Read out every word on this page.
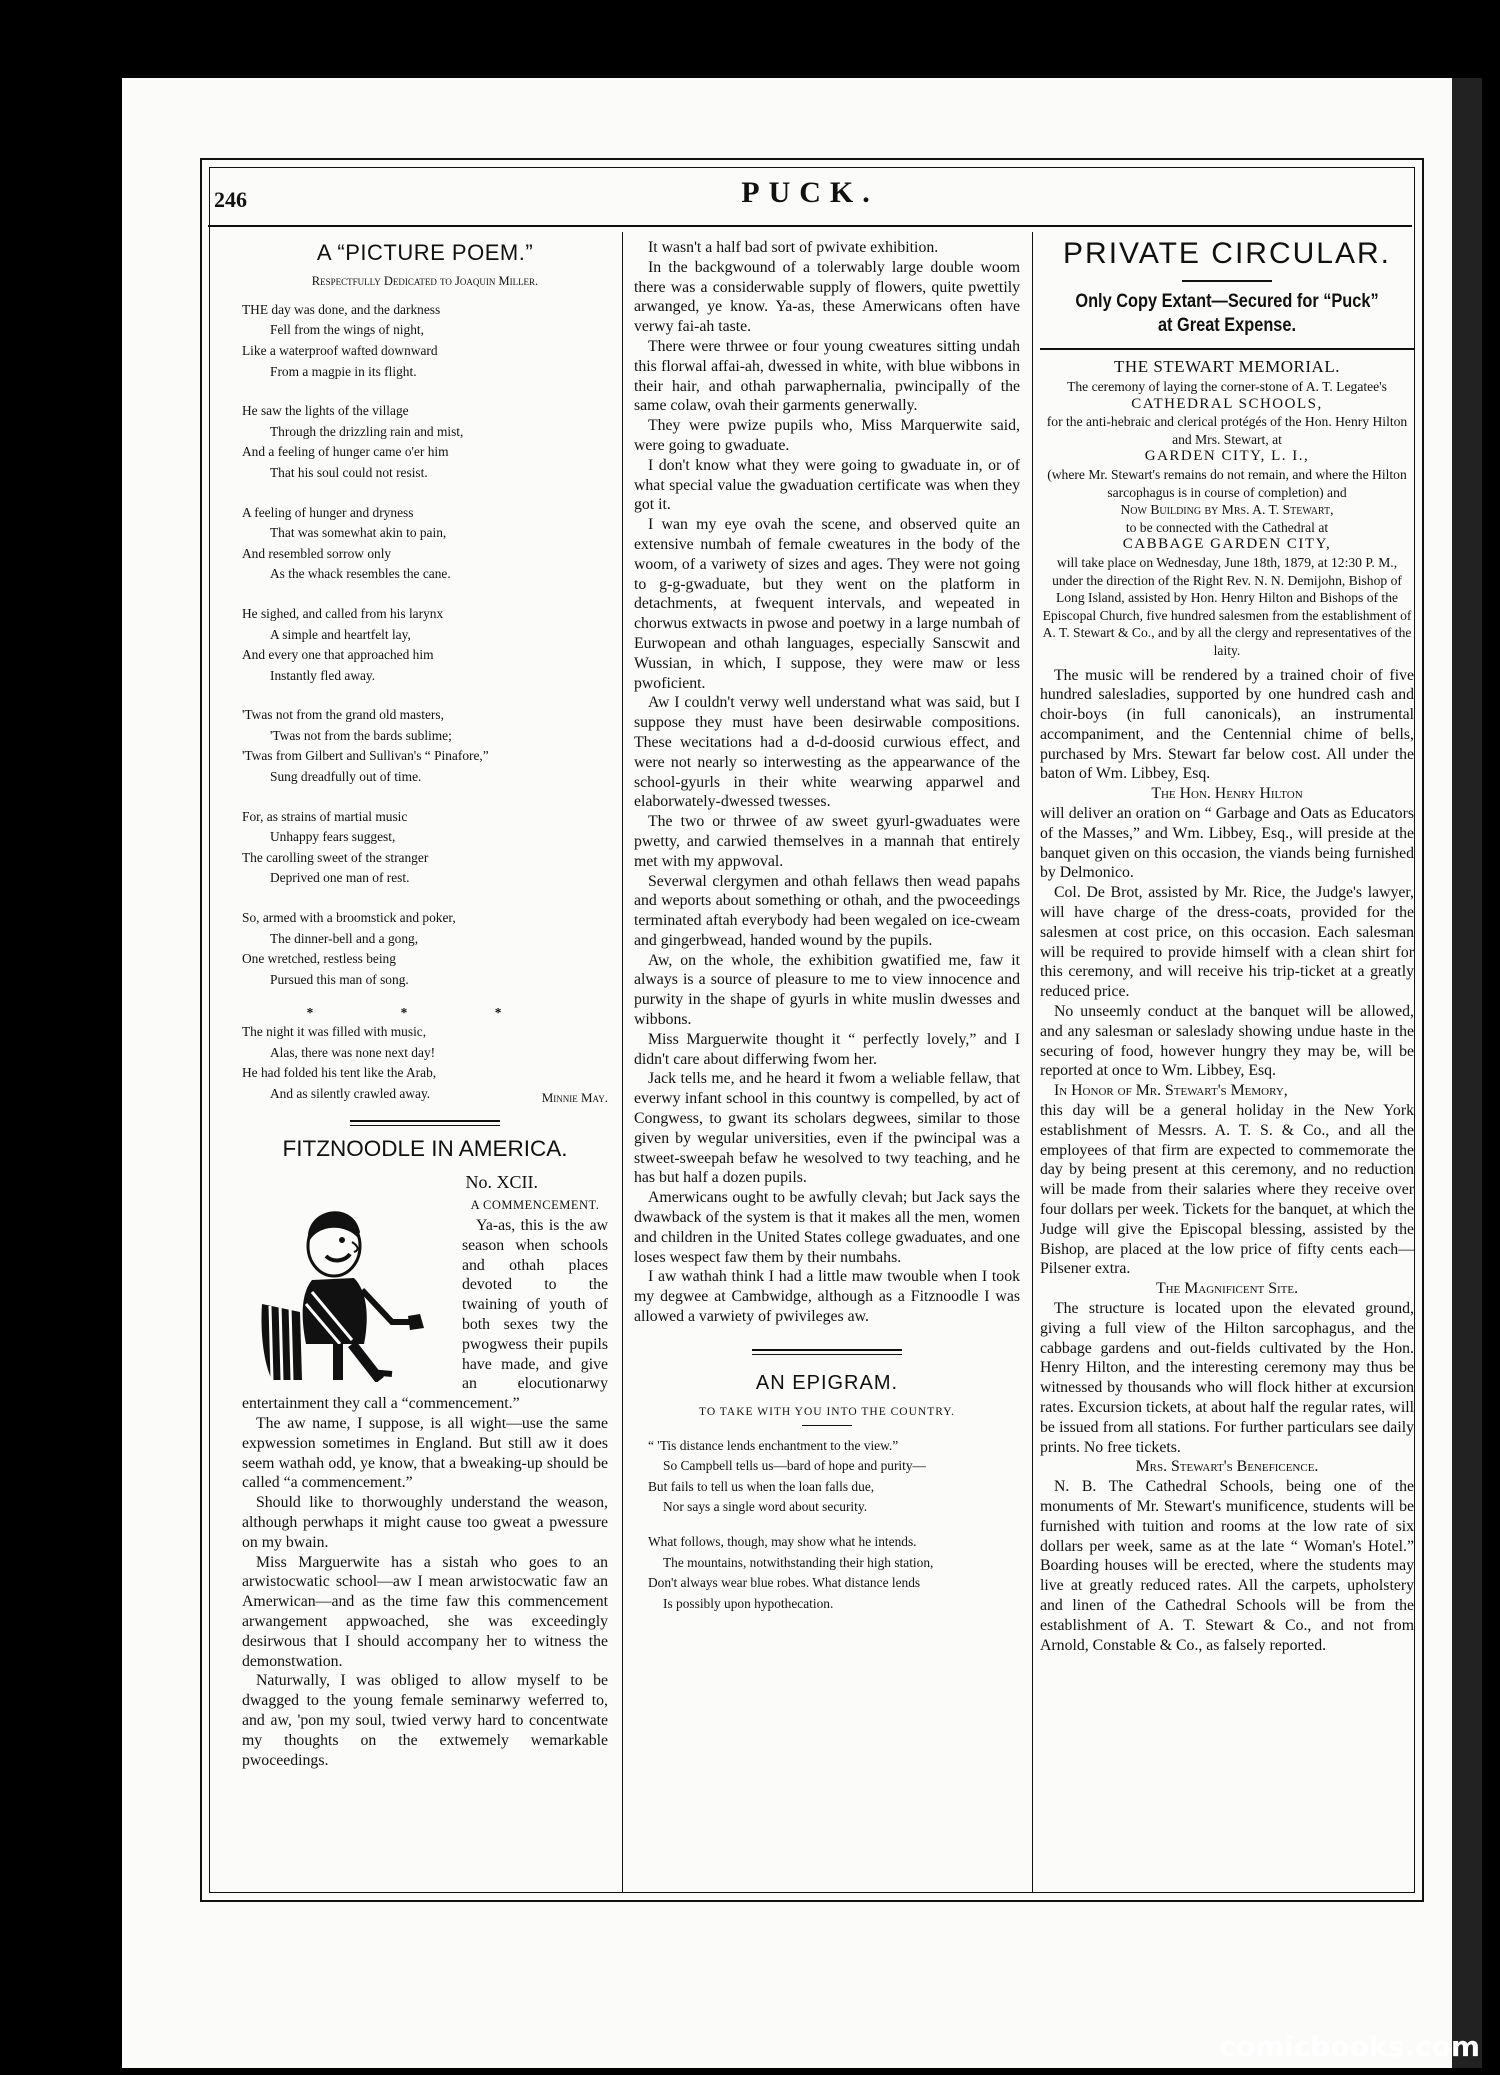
246	PUCK.
A “PICTURE POEM.”
Respectfully Dedicated to Joaquin Miller.
THE day was done, and the darkness
Fell from the wings of night,
Like a waterproof wafted downward
From a magpie in its flight.
He saw the lights of the village
Through the drizzling rain and mist,
And a feeling of hunger came o'er him
That his soul could not resist.
A feeling of hunger and dryness
That was somewhat akin to pain,
And resembled sorrow only
As the whack resembles the cane.
He sighed, and called from his larynx
A simple and heartfelt lay,
And every one that approached him
Instantly fled away.
'Twas not from the grand old masters,
'Twas not from the bards sublime;
'Twas from Gilbert and Sullivan's “ Pinafore,”
Sung dreadfully out of time.
For, as strains of martial music
Unhappy fears suggest,
The carolling sweet of the stranger
Deprived one man of rest.
So, armed with a broomstick and poker,
The dinner-bell and a gong,
One wretched, restless being
Pursued this man of song.
* * *
The night it was filled with music,
Alas, there was none next day!
He had folded his tent like the Arab,
And as silently crawled away.	Minnie May.
FITZNOODLE IN AMERICA.
No. XCII.
A COMMENCEMENT.

Ya-as, this is the aw season when schools and othah places devoted to the twaining of youth of both sexes twy the pwogwess their pupils have made, and give an elocutionarwy entertainment they call a “commencement.”

The aw name, I suppose, is all wight—use the same expwession sometimes in England. But still aw it does seem wathah odd, ye know, that a bweaking-up should be called “a commencement.”

Should like to thorwoughly understand the weason, although perwhaps it might cause too gweat a pwessure on my bwain.

Miss Marguerwite has a sistah who goes to an arwistocwatic school—aw I mean arwistocwatic faw an Amerwican—and as the time faw this commencement arwangement appwoached, she was exceedingly desirwous that I should accompany her to witness the demonstwation.

Naturwally, I was obliged to allow myself to be dwagged to the young female seminarwy weferred to, and aw, 'pon my soul, twied verwy hard to concentwate my thoughts on the extwemely wemarkable pwoceedings.

It wasn't a half bad sort of pwivate exhibition.

In the backgwound of a tolerwably large double woom there was a considerwable supply of flowers, quite pwettily arwanged, ye know. Ya-as, these Amerwicans often have verwy fai-ah taste.

There were thrwee or four young cweatures sitting undah this florwal affai-ah, dwessed in white, with blue wibbons in their hair, and othah parwaphernalia, pwincipally of the same colaw, ovah their garments generwally.

They were pwize pupils who, Miss Marquerwite said, were going to gwaduate.

I don't know what they were going to gwaduate in, or of what special value the gwaduation certificate was when they got it.

I wan my eye ovah the scene, and observed quite an extensive numbah of female cweatures in the body of the woom, of a variwety of sizes and ages. They were not going to g-g-gwaduate, but they went on the platform in detachments, at fwequent intervals, and wepeated in chorwus extwacts in pwose and poetwy in a large numbah of Eurwopean and othah languages, especially Sanscwit and Wussian, in which, I suppose, they were maw or less pwoficient.

Aw I couldn't verwy well understand what was said, but I suppose they must have been desirwable compositions. These wecitations had a d-d-doosid curwious effect, and were not nearly so interwesting as the appearwance of the school-gyurls in their white wearwing apparwel and elaborwately-dwessed twesses.

The two or thrwee of aw sweet gyurl-gwaduates were pwetty, and carwied themselves in a mannah that entirely met with my appwoval.

Severwal clergymen and othah fellaws then wead papahs and weports about something or othah, and the pwoceedings terminated aftah everybody had been wegaled on ice-cweam and gingerbwead, handed wound by the pupils.

Aw, on the whole, the exhibition gwatified me, faw it always is a source of pleasure to me to view innocence and purwity in the shape of gyurls in white muslin dwesses and wibbons.

Miss Marguerwite thought it “ perfectly lovely,” and I didn't care about differwing fwom her.

Jack tells me, and he heard it fwom a weliable fellaw, that everwy infant school in this countwy is compelled, by act of Congwess, to gwant its scholars degwees, similar to those given by wegular universities, even if the pwincipal was a stweet-sweepah befaw he wesolved to twy teaching, and he has but half a dozen pupils.

Amerwicans ought to be awfully clevah; but Jack says the dwawback of the system is that it makes all the men, women and children in the United States college gwaduates, and one loses wespect faw them by their numbahs.

I aw wathah think I had a little maw twouble when I took my degwee at Cambwidge, although as a Fitznoodle I was allowed a varwiety of pwivileges aw.

AN EPIGRAM.
TO TAKE WITH YOU INTO THE COUNTRY.
“ 'Tis distance lends enchantment to the view.”
So Campbell tells us—bard of hope and purity—
But fails to tell us when the loan falls due,
Nor says a single word about security.
What follows, though, may show what he intends.
The mountains, notwithstanding their high station,
Don't always wear blue robes. What distance lends
Is possibly upon hypothecation.
PRIVATE CIRCULAR.
Only Copy Extant—Secured for “Puck” at Great Expense.
THE STEWART MEMORIAL.
The ceremony of laying the corner-stone of A. T. Legatee's
CATHEDRAL SCHOOLS,
for the anti-hebraic and clerical protégés of the Hon. Henry Hilton and Mrs. Stewart, at
GARDEN CITY, L. I.,
(where Mr. Stewart's remains do not remain, and where the Hilton sarcophagus is in course of completion) and
Now Building by Mrs. A. T. Stewart,
to be connected with the Cathedral at
CABBAGE GARDEN CITY,
will take place on Wednesday, June 18th, 1879, at 12:30 P. M., under the direction of the Right Rev. N. N. Demijohn, Bishop of Long Island, assisted by Hon. Henry Hilton and Bishops of the Episcopal Church, five hundred salesmen from the establishment of A. T. Stewart & Co., and by all the clergy and representatives of the laity.

The music will be rendered by a trained choir of five hundred salesladies, supported by one hundred cash and choir-boys (in full canonicals), an instrumental accompaniment, and the Centennial chime of bells, purchased by Mrs. Stewart far below cost. All under the baton of Wm. Libbey, Esq.

The Hon. Henry Hilton

will deliver an oration on “ Garbage and Oats as Educators of the Masses,” and Wm. Libbey, Esq., will preside at the banquet given on this occasion, the viands being furnished by Delmonico.

Col. De Brot, assisted by Mr. Rice, the Judge's lawyer, will have charge of the dress-coats, provided for the salesmen at cost price, on this occasion. Each salesman will be required to provide himself with a clean shirt for this ceremony, and will receive his trip-ticket at a greatly reduced price.

No unseemly conduct at the banquet will be allowed, and any salesman or saleslady showing undue haste in the securing of food, however hungry they may be, will be reported at once to Wm. Libbey, Esq.

In Honor of Mr. Stewart's Memory,

this day will be a general holiday in the New York establishment of Messrs. A. T. S. & Co., and all the employees of that firm are expected to commemorate the day by being present at this ceremony, and no reduction will be made from their salaries where they receive over four dollars per week. Tickets for the banquet, at which the Judge will give the Episcopal blessing, assisted by the Bishop, are placed at the low price of fifty cents each—Pilsener extra.

The Magnificent Site.

The structure is located upon the elevated ground, giving a full view of the Hilton sarcophagus, and the cabbage gardens and out-fields cultivated by the Hon. Henry Hilton, and the interesting ceremony may thus be witnessed by thousands who will flock hither at excursion rates. Excursion tickets, at about half the regular rates, will be issued from all stations. For further particulars see daily prints. No free tickets.

Mrs. Stewart's Beneficence.

N. B. The Cathedral Schools, being one of the monuments of Mr. Stewart's munificence, students will be furnished with tuition and rooms at the low rate of six dollars per week, same as at the late “ Woman's Hotel.” Boarding houses will be erected, where the students may live at greatly reduced rates. All the carpets, upholstery and linen of the Cathedral Schools will be from the establishment of A. T. Stewart & Co., and not from Arnold, Constable & Co., as falsely reported.

comicbooks.com
